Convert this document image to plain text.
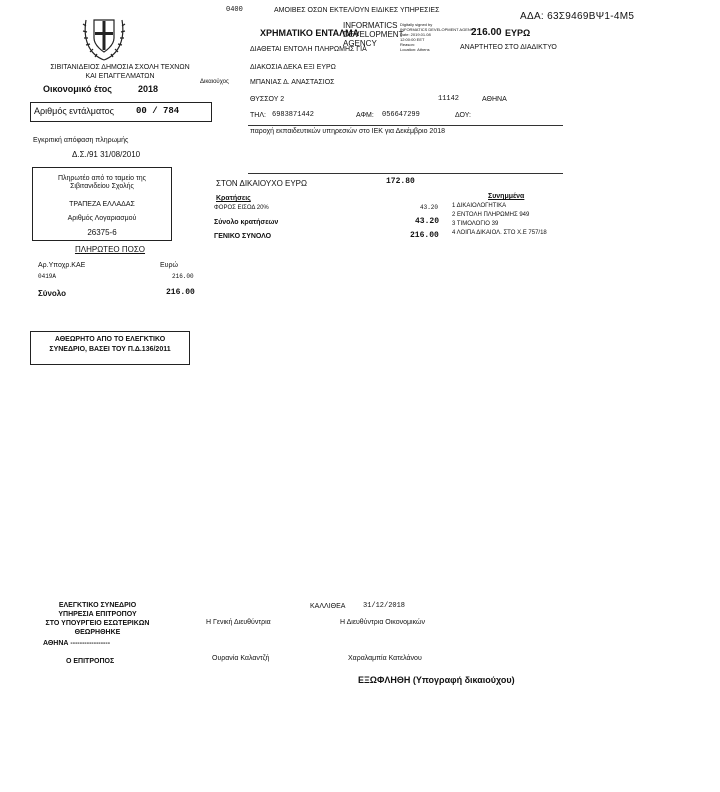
0400	ΑΜΟΙΒΕΣ ΟΣΩΝ ΕΚΤΕΛ/ΟΥΝ ΕΙΔΙΚΕΣ ΥΠΗΡΕΣΙΕΣ
ΑΔΑ: 63Σ9469ΒΨ1-4Μ5
ΧΡΗΜΑΤΙΚΟ ΕΝΤΑΛΜΑ	216.00 ΕΥΡΩ
INFORMATICS
DEVELOPMENT
AGENCY
Digitally signed by
INFORMATICS DEVELOPMENT AGENCY
Date: 2019.01.08
12:00:00 EET
Reason:
Location: Athens
ΔΙΑΘΕΤΑΙ ΕΝΤΟΛΗ ΠΛΗΡΩΜΗΣ ΓΙΑ	ΑΝΑΡΤΗΤΕΟ ΣΤΟ ΔΙΑΔΙΚΤΥΟ
ΣΙΒΙΤΑΝΙΔΕΙΟΣ ΔΗΜΟΣΙΑ ΣΧΟΛΗ ΤΕΧΝΩΝ
ΚΑΙ ΕΠΑΓΓΕΛΜΑΤΩΝ
Οικονομικό έτος	2018
Αριθμός εντάλματος 00 / 784
Δικαιούχος
ΔΙΑΚΟΣΙΑ ΔΕΚΑ ΕΞΙ ΕΥΡΩ
ΜΠΑΝΙΑΣ Δ. ΑΝΑΣΤΑΣΙΟΣ
ΘΥΣΣΟΥ 2	11142	ΑΘΗΝΑ
ΤΗΛ: 6983871442	ΑΦΜ: 056647299	ΔΟΥ:
παροχή εκπαιδευτικών υπηρεσιών στο ΙΕΚ για Δεκέμβριο 2018
Εγκριτική απόφαση πληρωμής
Δ.Σ./91 31/08/2010
Πληρωτέο από το ταμείο της
Σιβιτανιδείου Σχολής
ΤΡΑΠΕΖΑ ΕΛΛΑΔΑΣ
Αριθμός Λογαριασμού
26375-6
ΠΛΗΡΩΤΕΟ ΠΟΣΟ
Αρ.Υποχρ.ΚΑΕ	Ευρώ
0419Α	216.00
Σύνολο	216.00
ΣΤΟΝ ΔΙΚΑΙΟΥΧΟ ΕΥΡΩ	172.80
Κρατήσεις
ΦΟΡΟΣ ΕΙΣΟΔ 20%	43.20
Σύνολο κρατήσεων	43.20
ΓΕΝΙΚΟ ΣΥΝΟΛΟ	216.00
Συνημμένα
1 ΔΙΚΑΙΟΛΟΓΗΤΙΚΑ
2 ΕΝΤΟΛΗ ΠΛΗΡΩΜΗΣ 949
3 ΤΙΜΟΛΟΓΙΟ 39
4 ΛΟΙΠΑ ΔΙΚΑΙΟΛ. ΣΤΟ Χ.Ε 757/18
ΑΘΕΩΡΗΤΟ ΑΠΟ ΤΟ ΕΛΕΓΚΤΙΚΟ
ΣΥΝΕΔΡΙΟ, ΒΑΣΕΙ ΤΟΥ Π.Δ.136/2011
ΕΛΕΓΚΤΙΚΟ ΣΥΝΕΔΡΙΟ
ΥΠΗΡΕΣΙΑ ΕΠΙΤΡΟΠΟΥ
ΣΤΟ ΥΠΟΥΡΓΕΙΟ ΕΣΩΤΕΡΙΚΩΝ
ΘΕΩΡΗΘΗΚΕ
ΑΘΗΝΑ -----------------
Ο ΕΠΙΤΡΟΠΟΣ
ΚΑΛΛΙΘΕΑ	31/12/2018
Η Γενική Διευθύντρια	Η Διευθύντρια Οικονομικών
Ουρανία Καλαντζή	Χαραλαμπία Κατελάνου
ΕΞΩΦΛΗΘΗ (Υπογραφή δικαιούχου)
